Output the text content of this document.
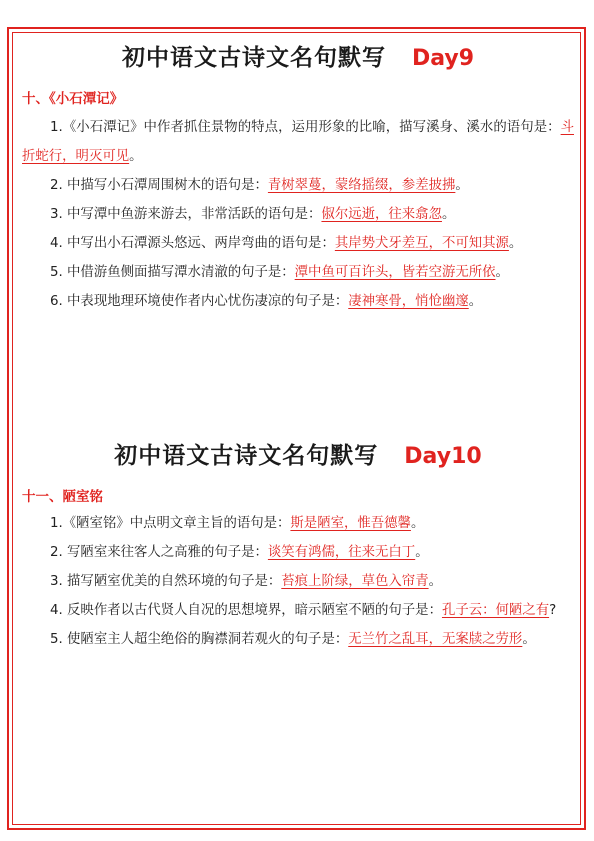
初中语文古诗文名句默写 Day9
十、《小石潭记》
1.《小石潭记》中作者抓住景物的特点，运用形象的比喻，描写溪身、溪水的语句是：斗折蛇行，明灭可见。
2. 中描写小石潭周围树木的语句是：青树翠蔓，蒙络摇缀，参差披拂。
3. 中写潭中鱼游来游去，非常活跃的语句是：俶尔远逝，往来翕忽。
4. 中写出小石潭源头悠远、两岸弯曲的语句是：其岸势犬牙差互，不可知其源。
5. 中借游鱼侧面描写潭水清澈的句子是：潭中鱼可百许头，皆若空游无所依。
6. 中表现地理环境使作者内心忧伤凄凉的句子是：凄神寒骨，悄怆幽邃。
初中语文古诗文名句默写 Day10
十一、陋室铭
1.《陋室铭》中点明文章主旨的语句是：斯是陋室，惟吾德馨。
2. 写陋室来往客人之高雅的句子是：谈笑有鸿儒，往来无白丁。
3. 描写陋室优美的自然环境的句子是：苔痕上阶绿，草色入帘青。
4. 反映作者以古代贤人自况的思想境界，暗示陋室不陋的句子是：孔子云：何陋之有?
5. 使陋室主人超尘绝俗的胸襟洞若观火的句子是：无兰竹之乱耳，无案牍之劳形。
